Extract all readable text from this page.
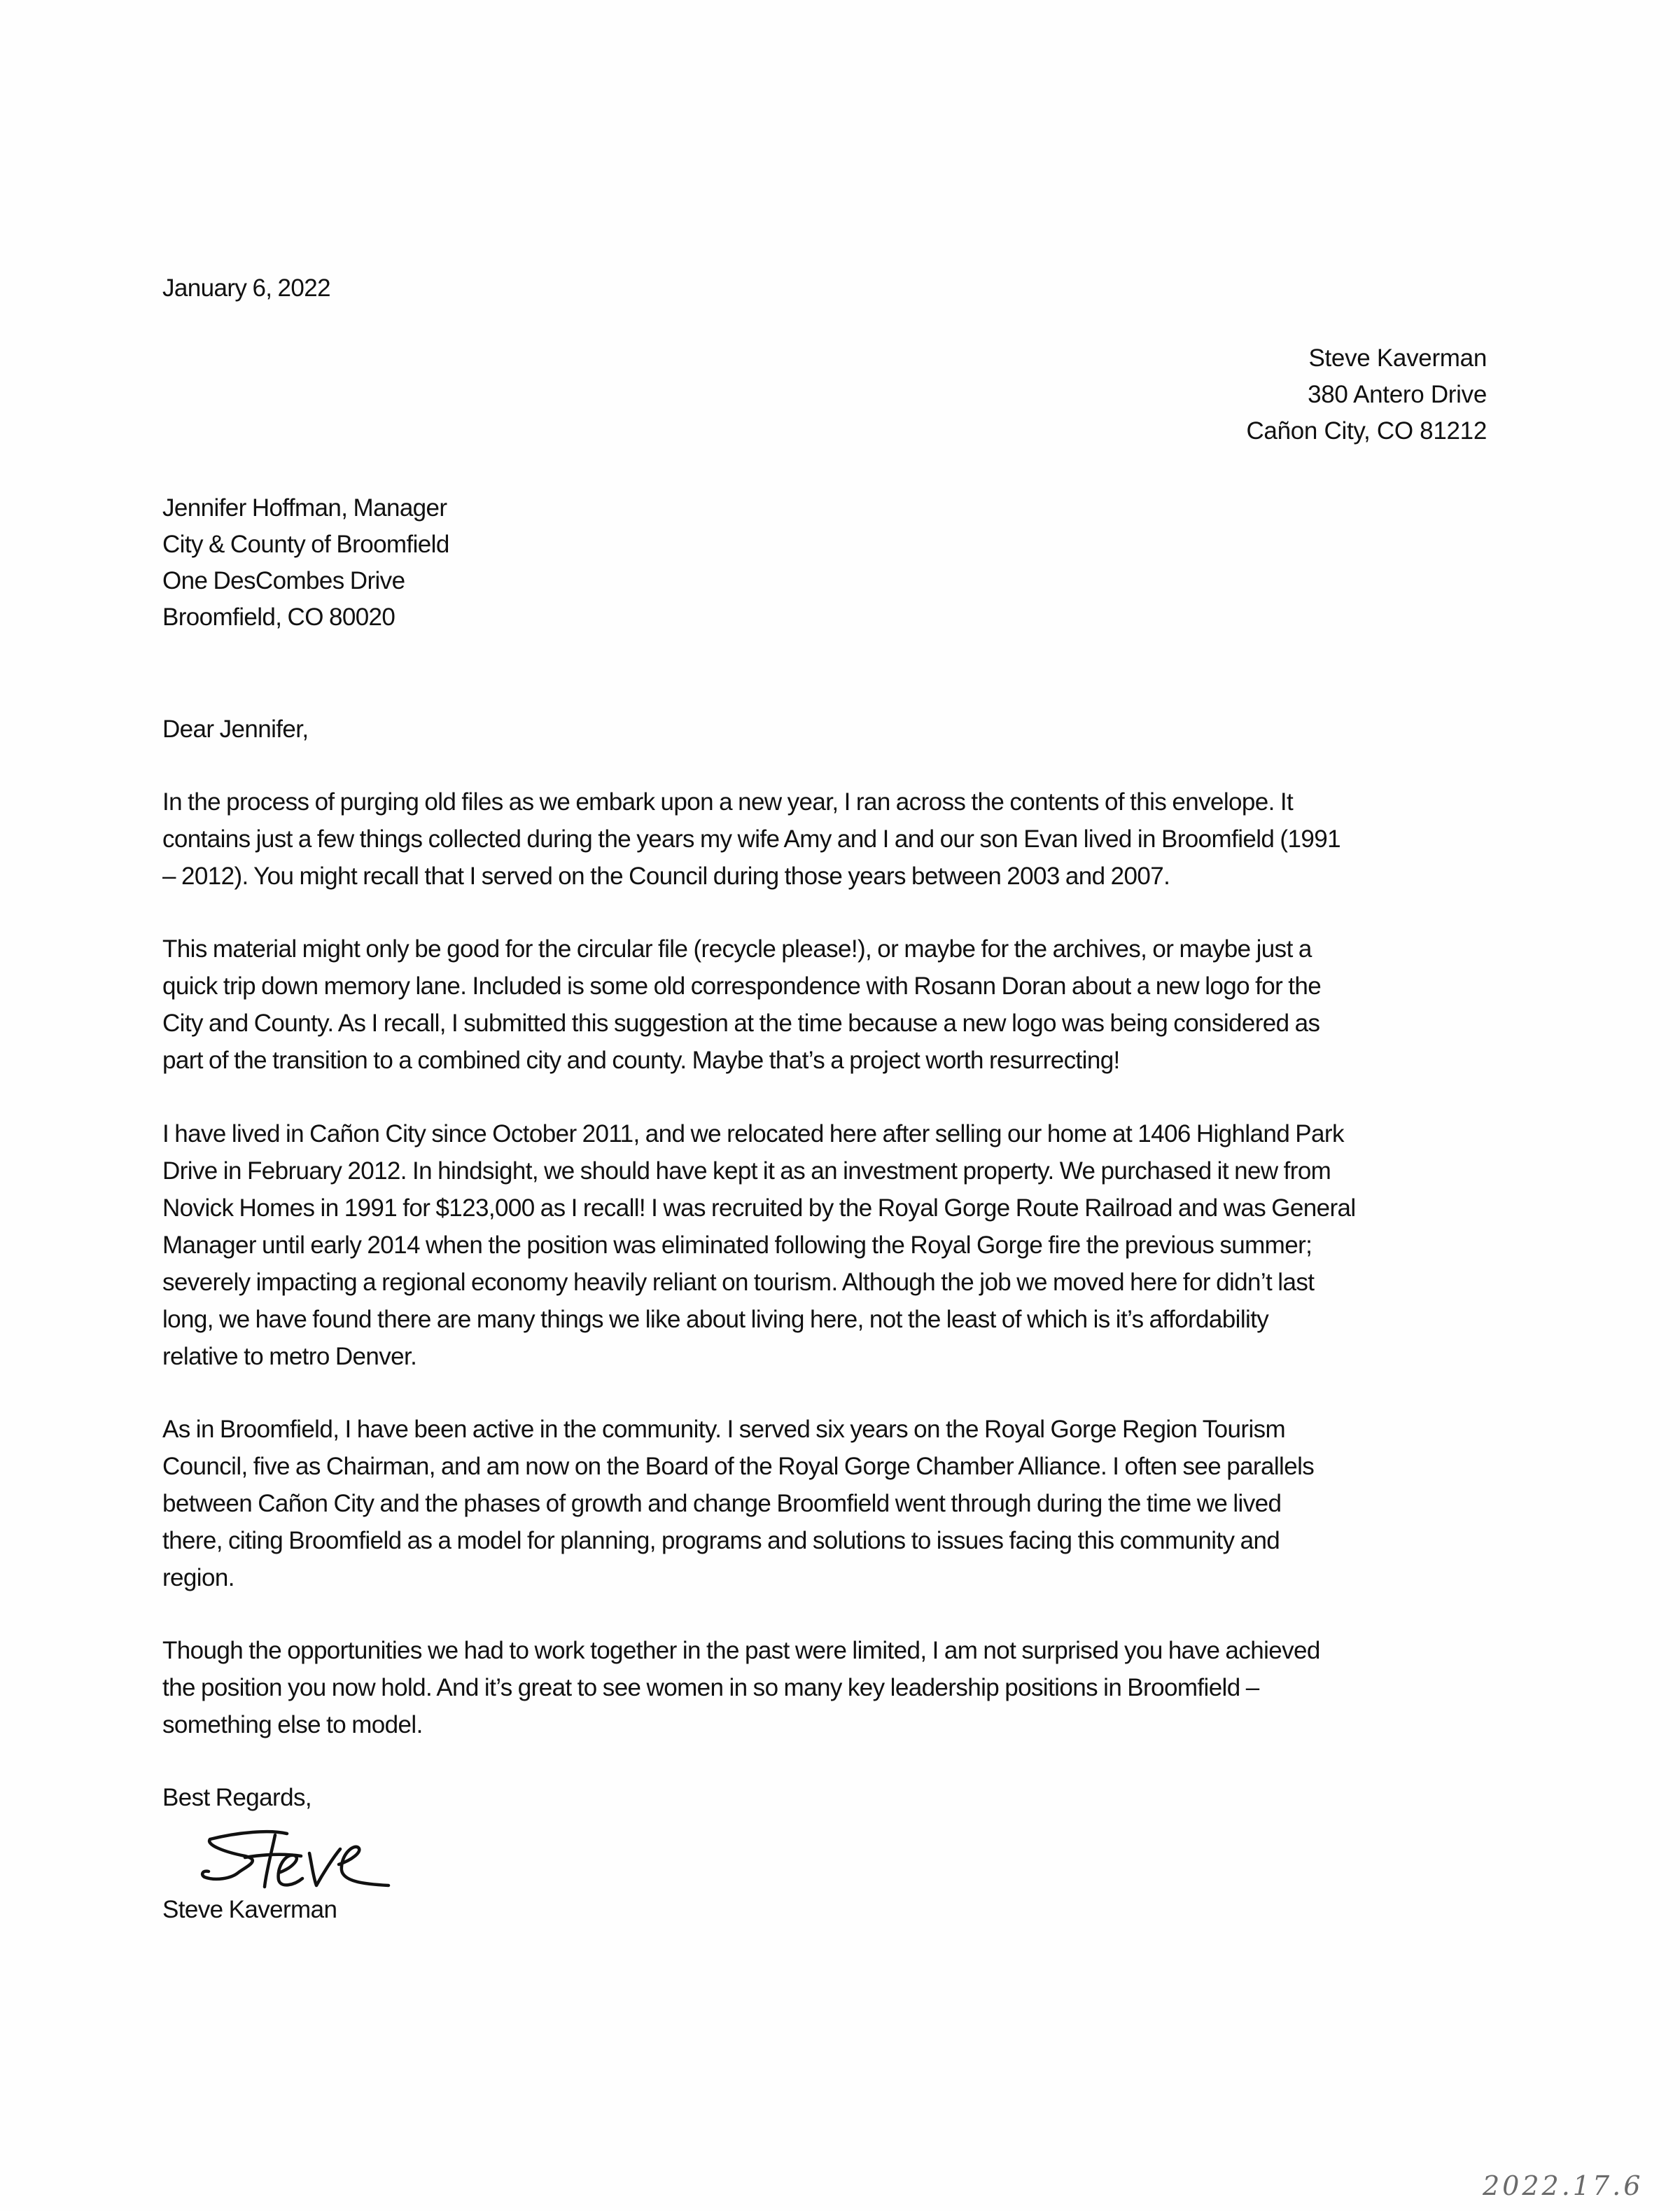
January 6, 2022
Steve Kaverman
380 Antero Drive
Cañon City, CO 81212
Jennifer Hoffman, Manager
City & County of Broomfield
One DesCombes Drive
Broomfield, CO 80020
Dear Jennifer,
In the process of purging old files as we embark upon a new year, I ran across the contents of this envelope. It
contains just a few things collected during the years my wife Amy and I and our son Evan lived in Broomfield (1991
– 2012). You might recall that I served on the Council during those years between 2003 and 2007.
This material might only be good for the circular file (recycle please!), or maybe for the archives, or maybe just a
quick trip down memory lane. Included is some old correspondence with Rosann Doran about a new logo for the
City and County. As I recall, I submitted this suggestion at the time because a new logo was being considered as
part of the transition to a combined city and county. Maybe that’s a project worth resurrecting!
I have lived in Cañon City since October 2011, and we relocated here after selling our home at 1406 Highland Park
Drive in February 2012. In hindsight, we should have kept it as an investment property. We purchased it new from
Novick Homes in 1991 for $123,000 as I recall! I was recruited by the Royal Gorge Route Railroad and was General
Manager until early 2014 when the position was eliminated following the Royal Gorge fire the previous summer;
severely impacting a regional economy heavily reliant on tourism. Although the job we moved here for didn’t last
long, we have found there are many things we like about living here, not the least of which is it’s affordability
relative to metro Denver.
As in Broomfield, I have been active in the community. I served six years on the Royal Gorge Region Tourism
Council, five as Chairman, and am now on the Board of the Royal Gorge Chamber Alliance. I often see parallels
between Cañon City and the phases of growth and change Broomfield went through during the time we lived
there, citing Broomfield as a model for planning, programs and solutions to issues facing this community and
region.
Though the opportunities we had to work together in the past were limited, I am not surprised you have achieved
the position you now hold. And it’s great to see women in so many key leadership positions in Broomfield –
something else to model.
Best Regards,
Steve Kaverman
2022.17.6
